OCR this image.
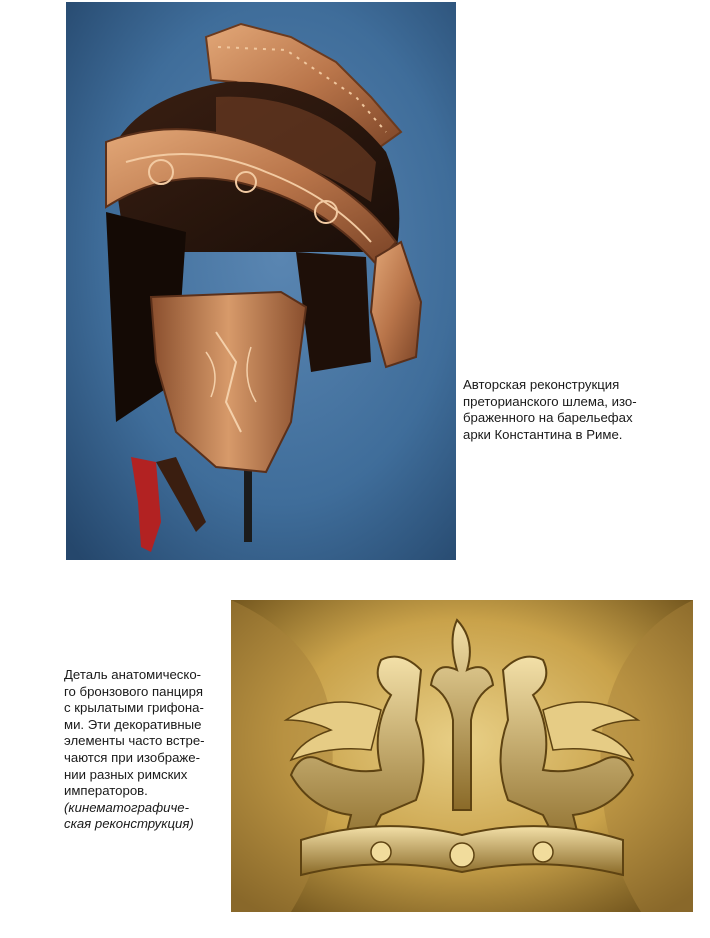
Авторская реконструкция
преторианского шлема, изо-
браженного на барельефах
арки Константина в Риме.
Деталь анатомическо-
го бронзового панциря
с крылатыми грифона-
ми. Эти декоративные
элементы часто встре-
чаются при изображе-
нии разных римских
императоров.
(кинематографиче-
ская реконструкция)
